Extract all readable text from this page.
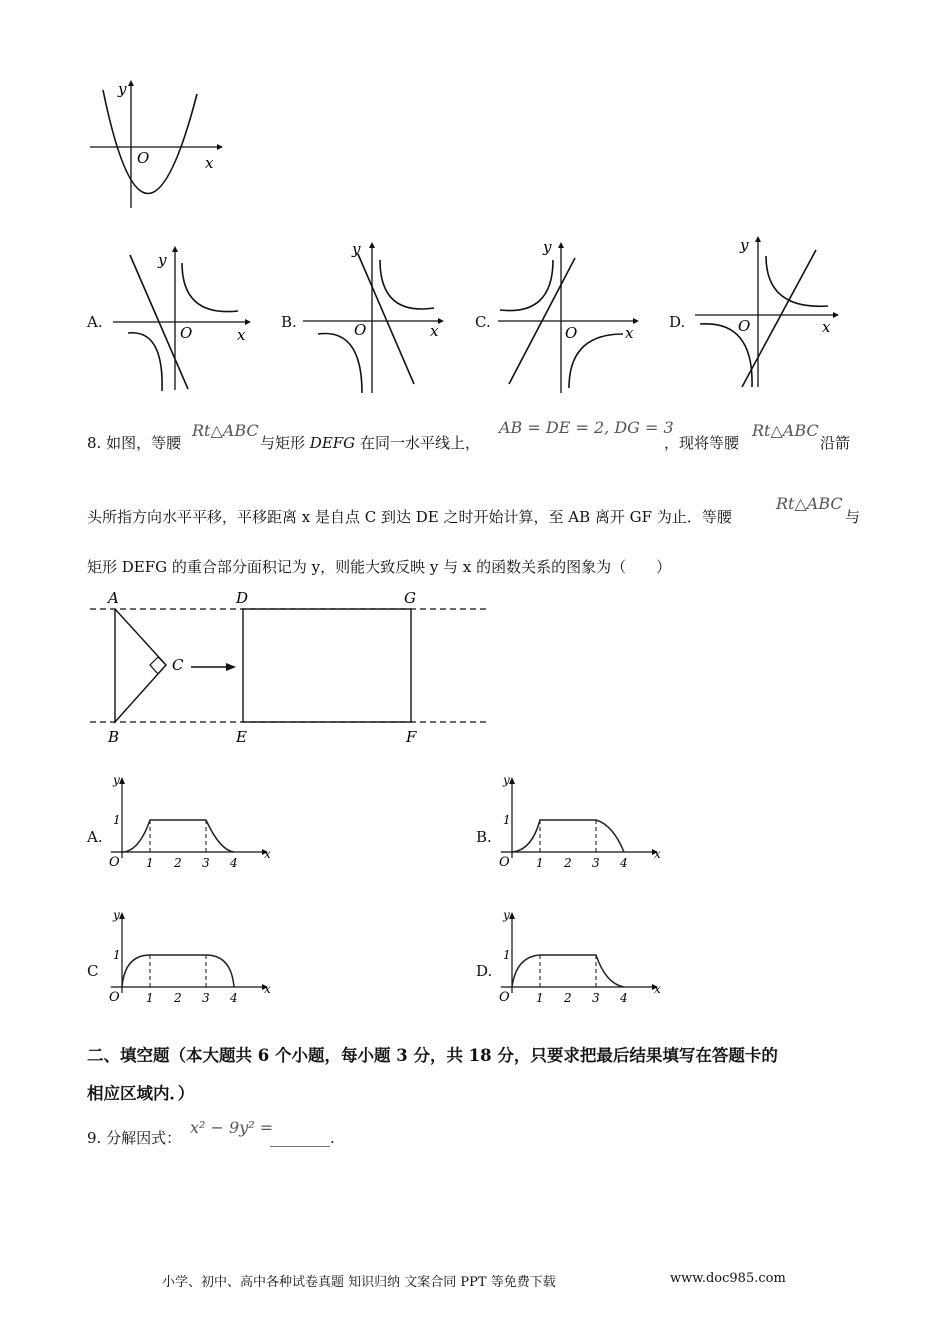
y
O	x
A.
y
O	x
B.
y
O	x C.
y
O	x
D.
y
O	x
8. 如图，等腰
Rt△ABC
与矩形 DEFG 在同一水平线上，
AB = DE = 2, DG = 3
，现将等腰
Rt△ABC
沿箭
头所指方向水平平移，平移距离 x 是自点 C 到达 DE 之时开始计算，至 AB 离开 GF 为止．等腰
Rt△ABC
与
矩形 DEFG 的重合部分面积记为 y，则能大致反映 y 与 x 的函数关系的图象为（　　）
A
B
C
D
E	F
G
A.	B.
C	D.
1 2 3 4
1
O
x
y
1 2 3 4
1
O
x
y
1 2 3 4
1
O
x
y
1 2 3 4
1
O
x
y
二、填空题（本大题共 6 个小题，每小题 3 分，共 18 分，只要求把最后结果填写在答题卡的
相应区域内．）
9. 分解因式：
x² − 9y² =
________.
小学、初中、高中各种试卷真题 知识归纳 文案合同 PPT 等免费下载	www.doc985.com
